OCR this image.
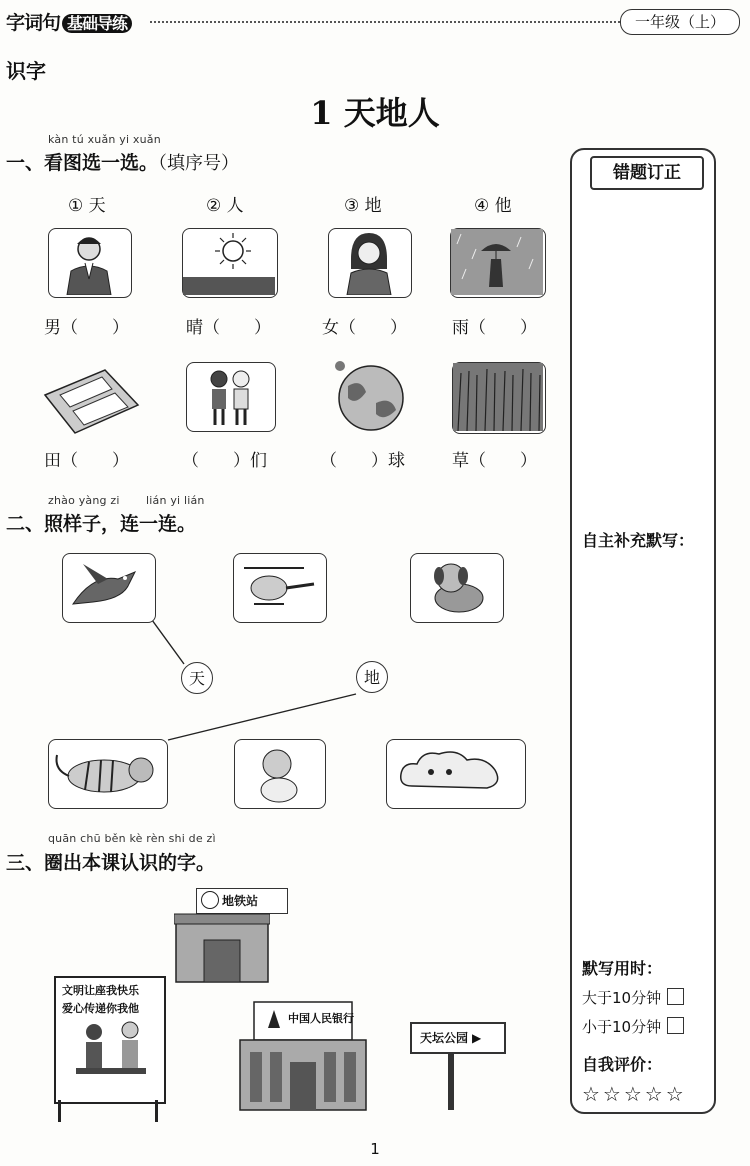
字词句 基础导练	一年级（上）
识字
1 天地人
kàn tú xuǎn yi xuǎn
一、看图选一选。（填序号）
① 天	② 人	③ 地	④ 他
男（　　）	晴（　　）	女（　　）	雨（　　）
田（　　）	（　　）们	（　　）球	草（　　）
zhào yàng zi lián yi lián
二、照样子，连一连。
天	地
quān chū běn kè rèn shi de zì
三、圈出本课认识的字。
地铁站
文明让座我快乐
爱心传递你我他
中国人民银行
天坛公园 ▶
错题订正
自主补充默写：
默写用时：
大于10分钟
小于10分钟
自我评价：
☆☆☆☆☆
1
